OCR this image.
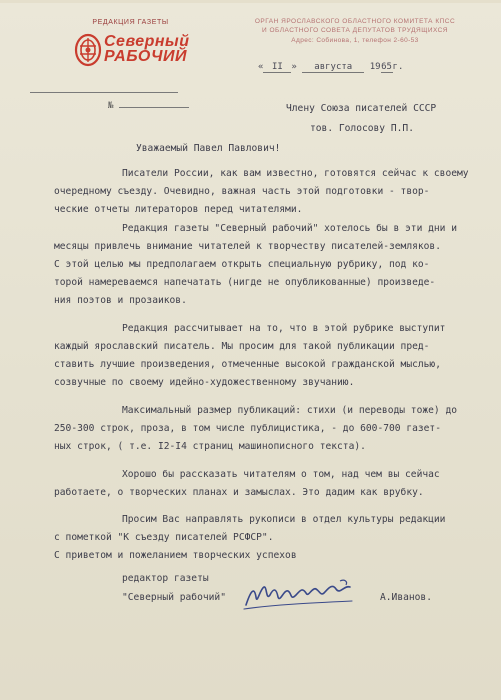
РЕДАКЦИЯ ГАЗЕТЫ
Северный
РАБОЧИЙ
ОРГАН ЯРОСЛАВСКОГО ОБЛАСТНОГО КОМИТЕТА КПСС
И ОБЛАСТНОГО СОВЕТА ДЕПУТАТОВ ТРУДЯЩИХСЯ
Адрес: Собинова, 1, телефон 2-60-53
« II » августа 1965г.
№	Члену Союза писателей СССР
тов. Голосову П.П.
Уважаемый Павел Павлович!
Писатели России, как вам известно, готовятся сейчас к своему
очередному съезду. Очевидно, важная часть этой подготовки - твор-
ческие отчеты литераторов перед читателями.
Редакция газеты "Северный рабочий" хотелось бы в эти дни и
месяцы привлечь внимание читателей к творчеству писателей-земляков.
С этой целью мы предполагаем открыть специальную рубрику, под ко-
торой намереваемся напечатать (нигде не опубликованные) произведе-
ния поэтов и прозаиков.
Редакция рассчитывает на то, что в этой рубрике выступит
каждый ярославский писатель. Мы просим для такой публикации пред-
ставить лучшие произведения, отмеченные высокой гражданской мыслью,
созвучные по своему идейно-художественному звучанию.
Максимальный размер публикаций: стихи (и переводы тоже) до
250-300 строк, проза, в том числе публицистика, - до 600-700 газет-
ных строк, ( т.е. I2-I4 страниц машинописного текста).
Хорошо бы рассказать читателям о том, над чем вы сейчас
работаете, о творческих планах и замыслах. Это дадим как врубку.
Просим Вас направлять рукописи в отдел культуры редакции
с пометкой "К съезду писателей РСФСР".
С приветом и пожеланием творческих успехов
редактор газеты
"Северный рабочий"	А.Иванов.
